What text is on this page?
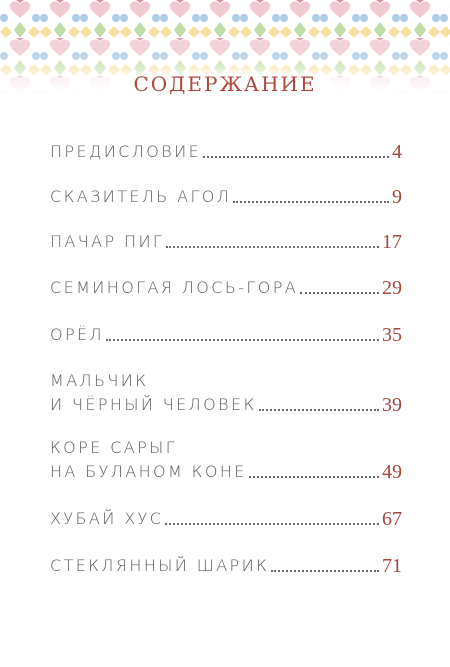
содержание
ПРЕДИСЛОВИЕ	4
СКАЗИТЕЛЬ АГОЛ	9
ПАЧАР ПИГ	17
СЕМИНОГАЯ ЛОСЬ-ГОРА	29
ОРЁЛ	35
МАЛЬЧИК
И ЧЁРНЫЙ ЧЕЛОВЕК	39
КОРЕ САРЫГ
НА БУЛАНОМ КОНЕ	49
ХУБАЙ ХУС	67
СТЕКЛЯННЫЙ ШАРИК	71
